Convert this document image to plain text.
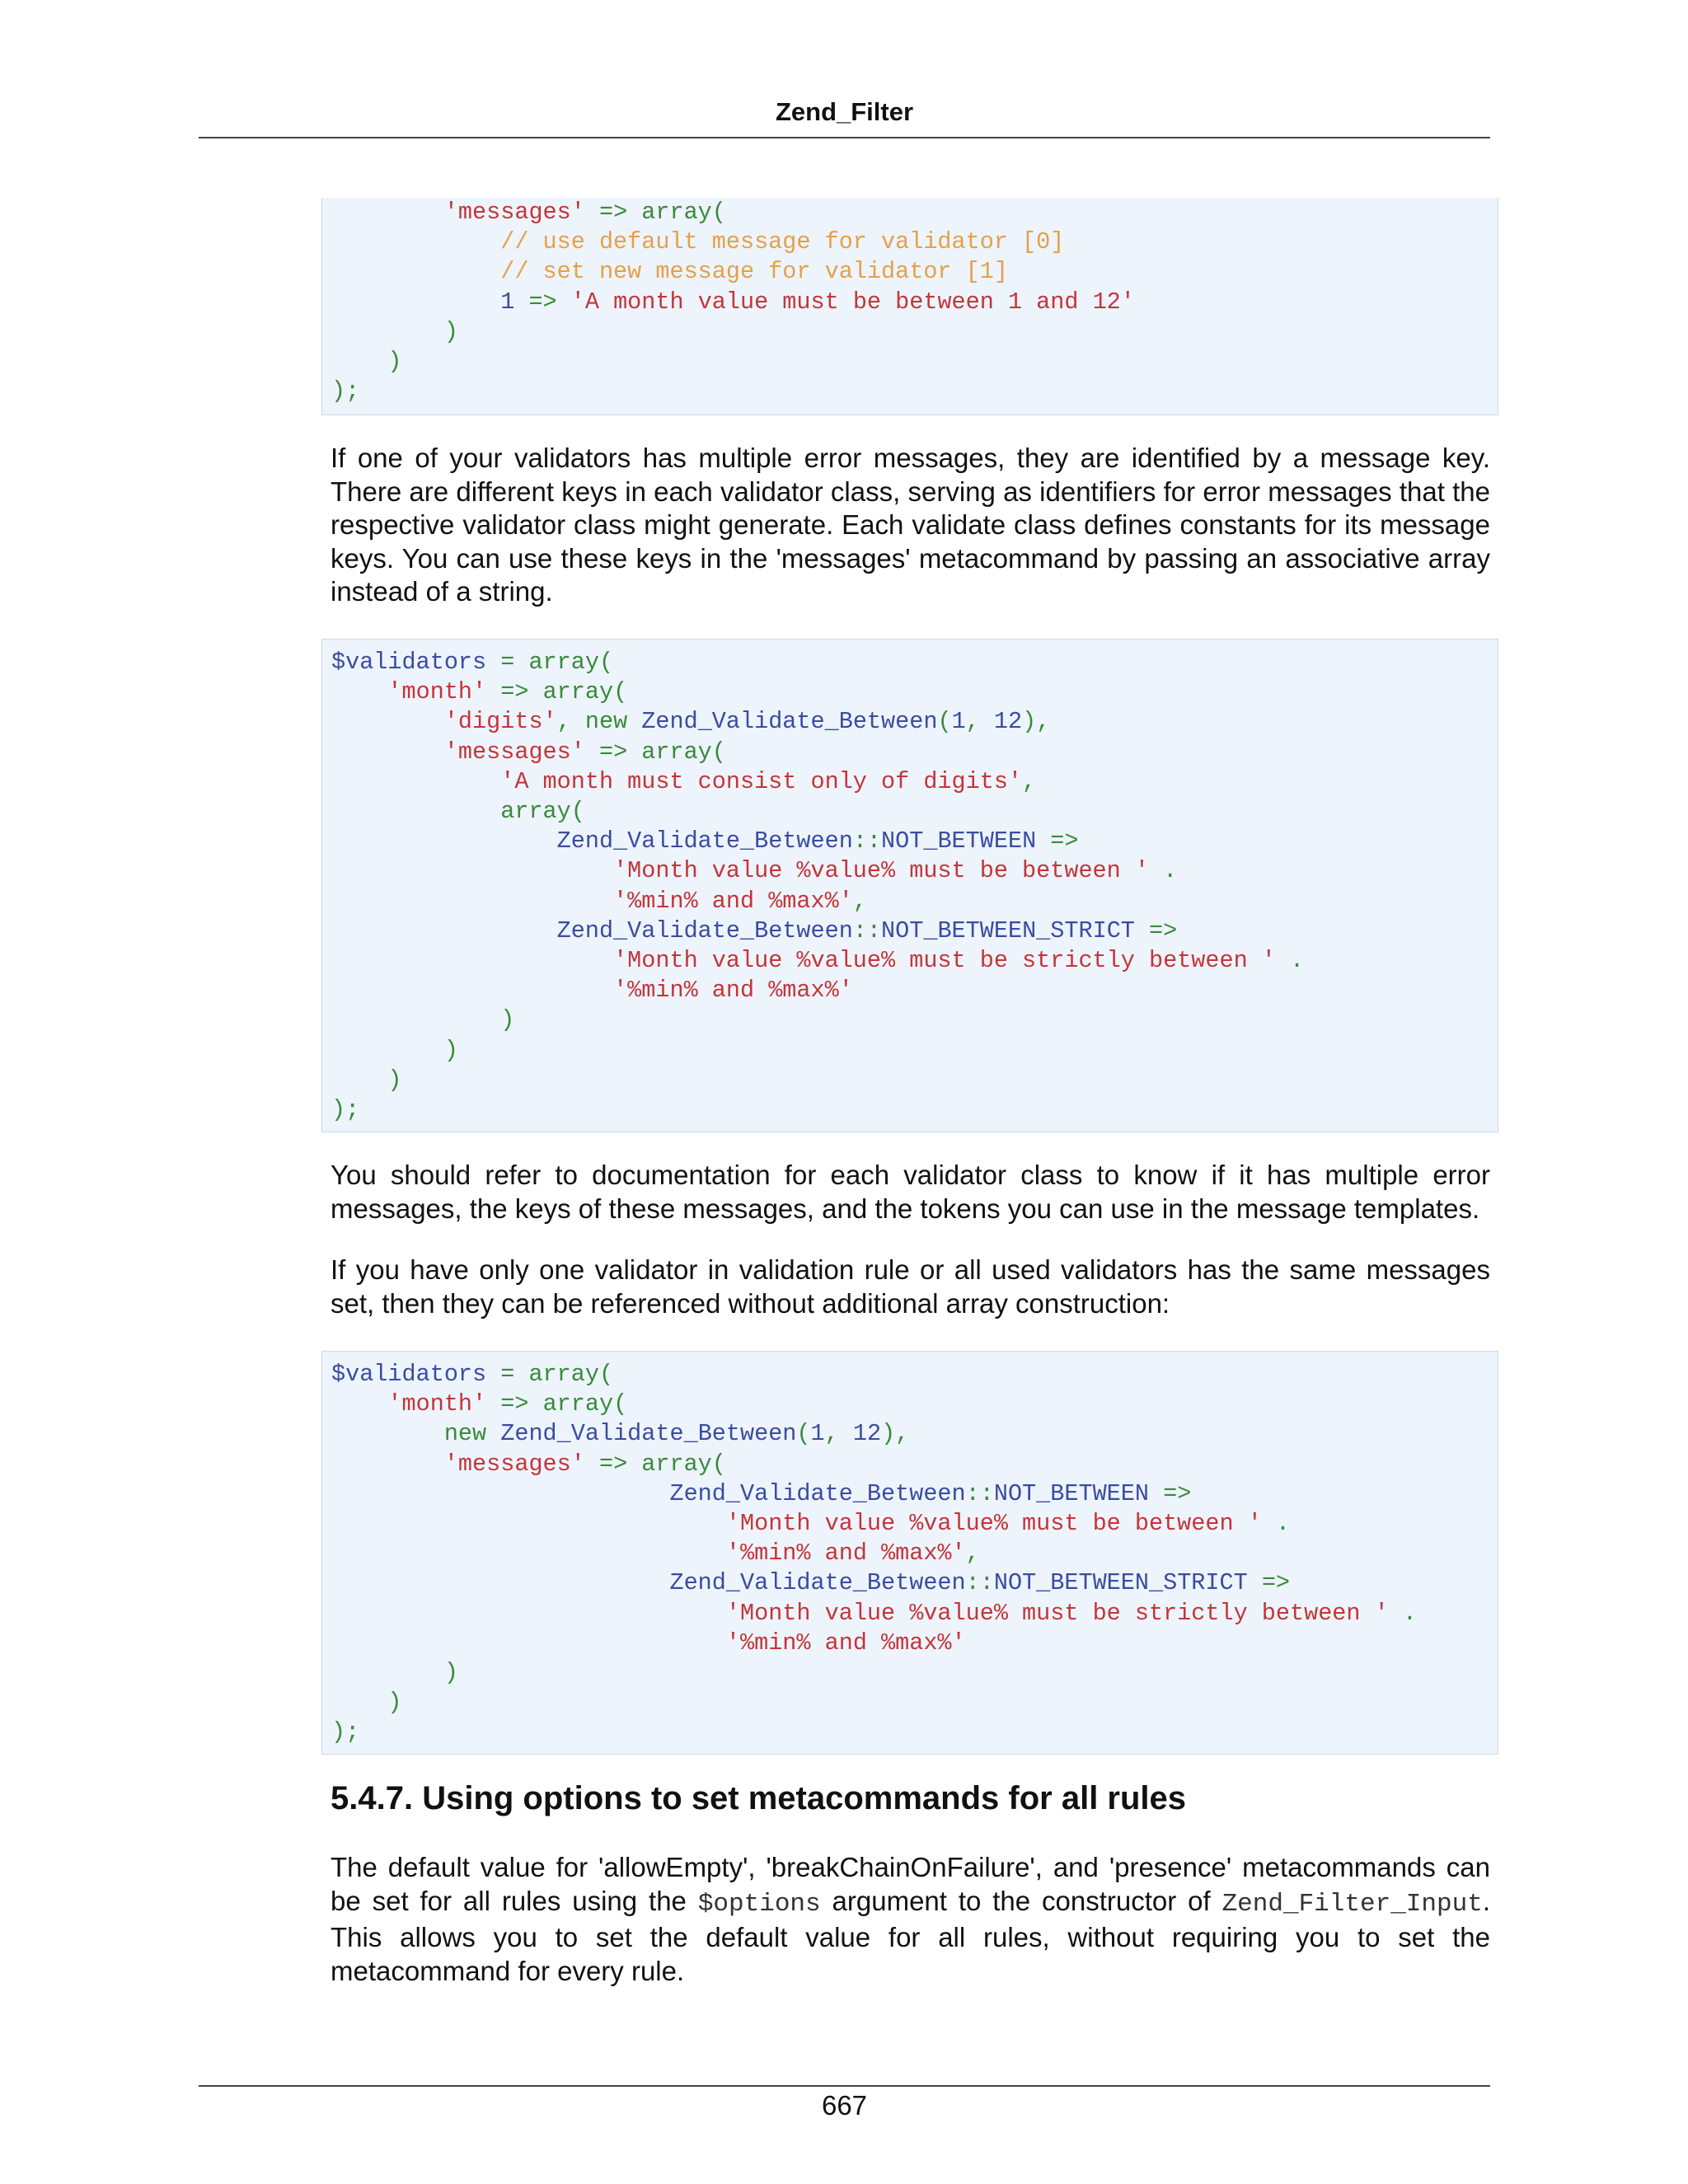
Zend_Filter
'messages' => array(
// use default message for validator [0]
// set new message for validator [1]
1 => 'A month value must be between 1 and 12'
)
)
);

If one of your validators has multiple error messages, they are identified by a message key. There are different keys in each validator class, serving as identifiers for error messages that the respective validator class might generate. Each validate class defines constants for its message keys. You can use these keys in the 'messages' metacommand by passing an associative array instead of a string.

$validators = array(
'month' => array(
'digits', new Zend_Validate_Between(1, 12),
'messages' => array(
'A month must consist only of digits',
array(
Zend_Validate_Between::NOT_BETWEEN =>
'Month value %value% must be between ' .
'%min% and %max%',
Zend_Validate_Between::NOT_BETWEEN_STRICT =>
'Month value %value% must be strictly between ' .
'%min% and %max%'
)
)
)
);

You should refer to documentation for each validator class to know if it has multiple error messages, the keys of these messages, and the tokens you can use in the message templates.

If you have only one validator in validation rule or all used validators has the same messages set, then they can be referenced without additional array construction:

$validators = array(
'month' => array(
new Zend_Validate_Between(1, 12),
'messages' => array(
Zend_Validate_Between::NOT_BETWEEN =>
'Month value %value% must be between ' .
'%min% and %max%',
Zend_Validate_Between::NOT_BETWEEN_STRICT =>
'Month value %value% must be strictly between ' .
'%min% and %max%'
)
)
);
5.4.7. Using options to set metacommands for all rules

The default value for 'allowEmpty', 'breakChainOnFailure', and 'presence' metacommands can be set for all rules using the $options argument to the constructor of Zend_Filter_Input. This allows you to set the default value for all rules, without requiring you to set the metacommand for every rule.

667
